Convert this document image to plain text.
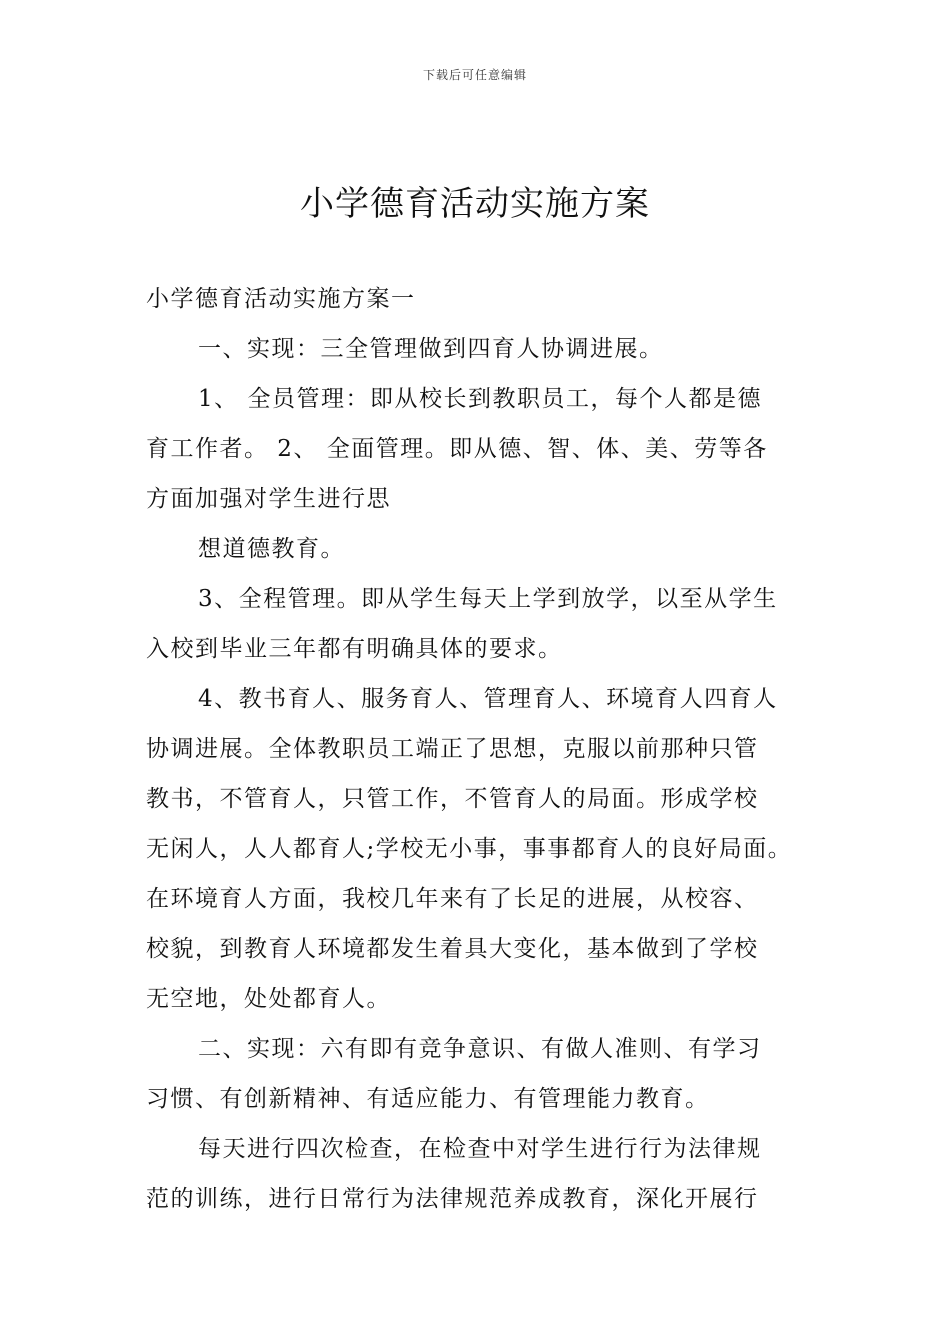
下载后可任意编辑
小学德育活动实施方案
小学德育活动实施方案一
一、实现：三全管理做到四育人协调进展。
1、 全员管理：即从校长到教职员工，每个人都是德
育工作者。 2、 全面管理。即从德、智、体、美、劳等各
方面加强对学生进行思
想道德教育。
3、全程管理。即从学生每天上学到放学，以至从学生
入校到毕业三年都有明确具体的要求。
4、教书育人、服务育人、管理育人、环境育人四育人
协调进展。全体教职员工端正了思想，克服以前那种只管
教书，不管育人，只管工作，不管育人的局面。形成学校
无闲人，人人都育人;学校无小事，事事都育人的良好局面。
在环境育人方面，我校几年来有了长足的进展，从校容、
校貌，到教育人环境都发生着具大变化，基本做到了学校
无空地，处处都育人。
二、实现：六有即有竞争意识、有做人准则、有学习
习惯、有创新精神、有适应能力、有管理能力教育。
每天进行四次检查，在检查中对学生进行行为法律规
范的训练，进行日常行为法律规范养成教育，深化开展行
